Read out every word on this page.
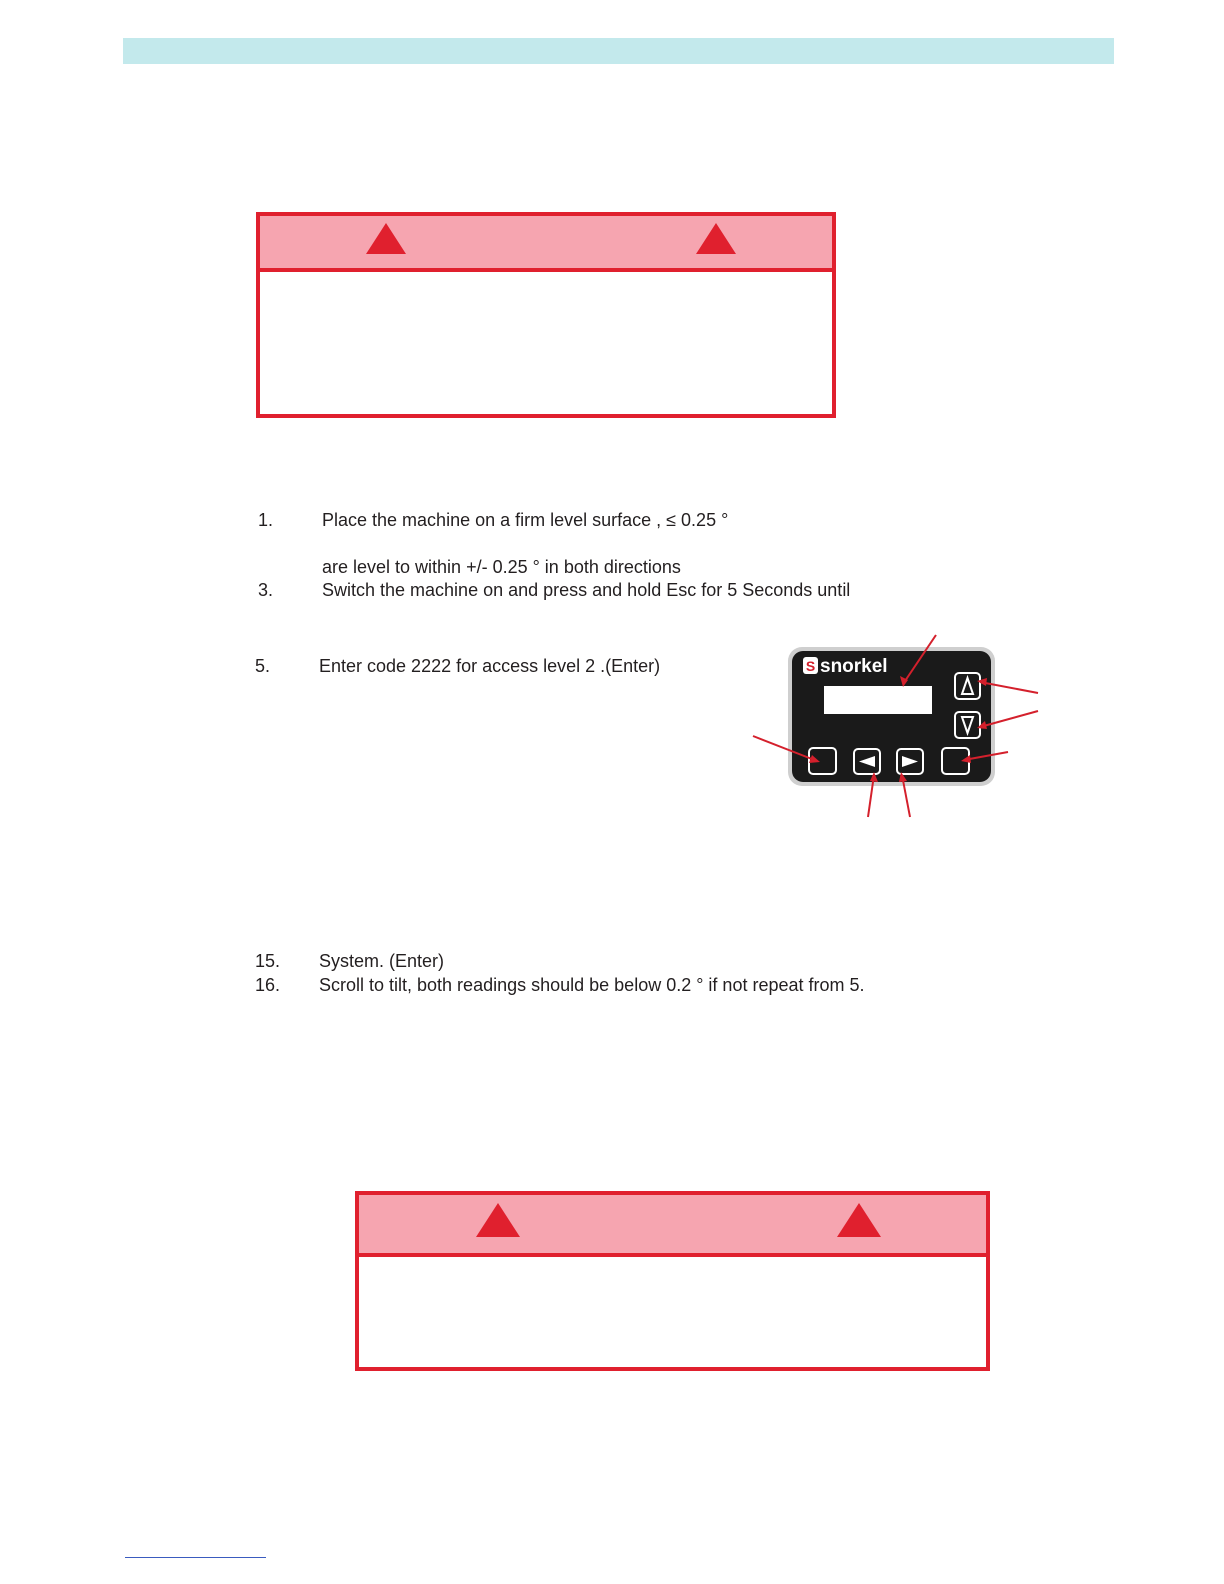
1.	Place the machine on a firm level surface , ≤ 0.25 °
are level to within +/- 0.25 ° in both directions
3.	Switch the machine on and press and hold Esc for 5 Seconds until
5.	Enter code 2222 for access level 2 .(Enter)
15. System. (Enter)
16. Scroll to tilt, both readings should be below 0.2 ° if not repeat from 5.
S snorkel
